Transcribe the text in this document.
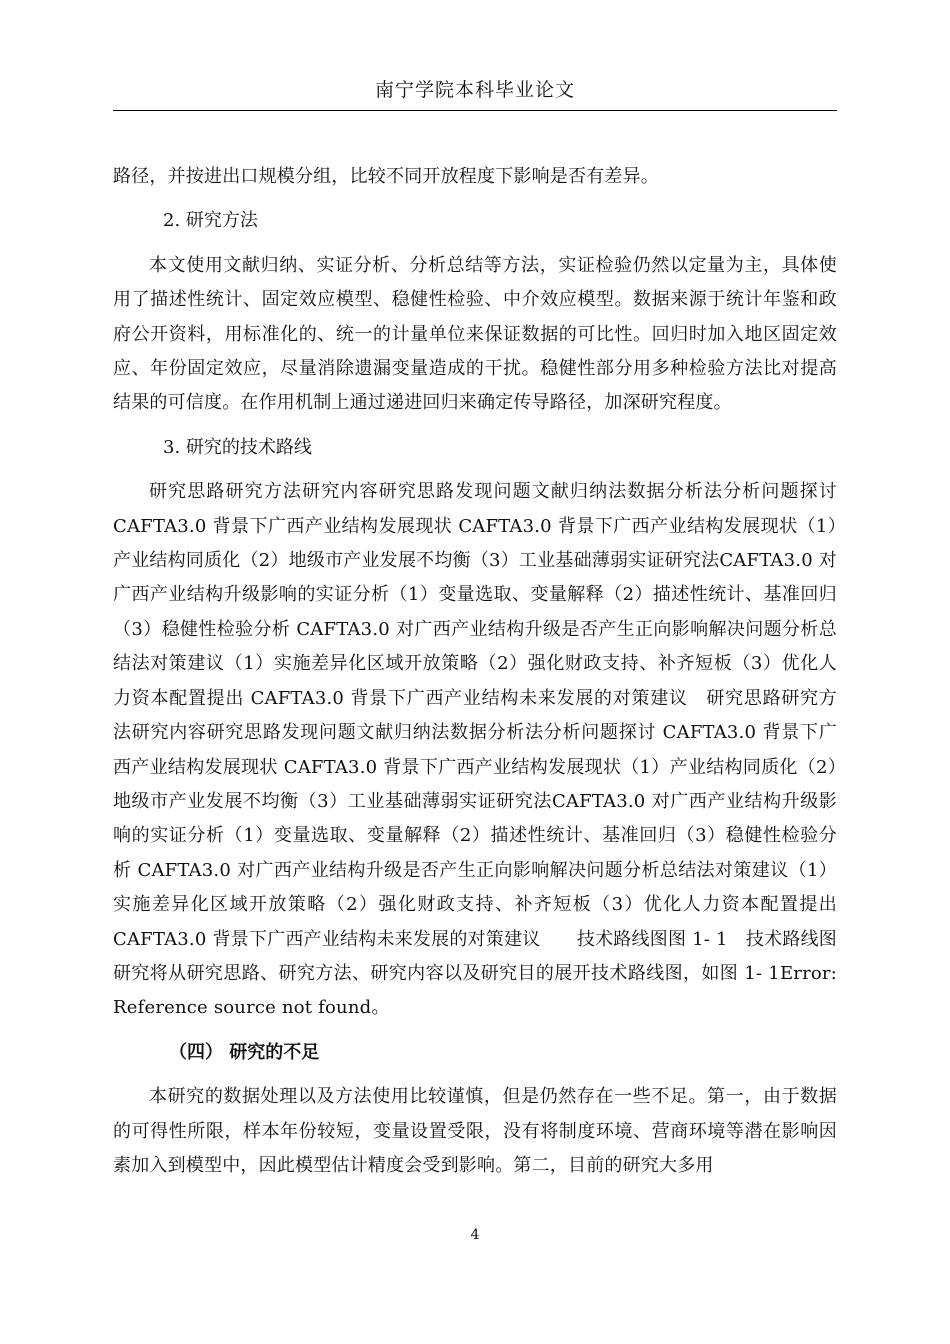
南宁学院本科毕业论文

路径，并按进出口规模分组，比较不同开放程度下影响是否有差异。

2. 研究方法

本文使用文献归纳、实证分析、分析总结等方法，实证检验仍然以定量为主，具体使用了描述性统计、固定效应模型、稳健性检验、中介效应模型。数据来源于统计年鉴和政府公开资料，用标准化的、统一的计量单位来保证数据的可比性。回归时加入地区固定效应、年份固定效应，尽量消除遗漏变量造成的干扰。稳健性部分用多种检验方法比对提高结果的可信度。在作用机制上通过递进回归来确定传导路径，加深研究程度。

3. 研究的技术路线

研究思路研究方法研究内容研究思路发现问题文献归纳法数据分析法分析问题探讨 CAFTA3.0 背景下广西产业结构发展现状 CAFTA3.0 背景下广西产业结构发展现状（1）产业结构同质化（2）地级市产业发展不均衡（3）工业基础薄弱实证研究法CAFTA3.0 对广西产业结构升级影响的实证分析（1）变量选取、变量解释（2）描述性统计、基准回归（3）稳健性检验分析 CAFTA3.0 对广西产业结构升级是否产生正向影响解决问题分析总结法对策建议（1）实施差异化区域开放策略（2）强化财政支持、补齐短板（3）优化人力资本配置提出 CAFTA3.0 背景下广西产业结构未来发展的对策建议　研究思路研究方法研究内容研究思路发现问题文献归纳法数据分析法分析问题探讨 CAFTA3.0 背景下广西产业结构发展现状 CAFTA3.0 背景下广西产业结构发展现状（1）产业结构同质化（2）地级市产业发展不均衡（3）工业基础薄弱实证研究法CAFTA3.0 对广西产业结构升级影响的实证分析（1）变量选取、变量解释（2）描述性统计、基准回归（3）稳健性检验分析 CAFTA3.0 对广西产业结构升级是否产生正向影响解决问题分析总结法对策建议（1）实施差异化区域开放策略（2）强化财政支持、补齐短板（3）优化人力资本配置提出 CAFTA3.0 背景下广西产业结构未来发展的对策建议　　技术路线图图 1- 1　技术路线图研究将从研究思路、研究方法、研究内容以及研究目的展开技术路线图，如图 1- 1Error: Reference source not found。

（四） 研究的不足

本研究的数据处理以及方法使用比较谨慎，但是仍然存在一些不足。第一，由于数据的可得性所限，样本年份较短，变量设置受限，没有将制度环境、营商环境等潜在影响因素加入到模型中，因此模型估计精度会受到影响。第二，目前的研究大多用

4
